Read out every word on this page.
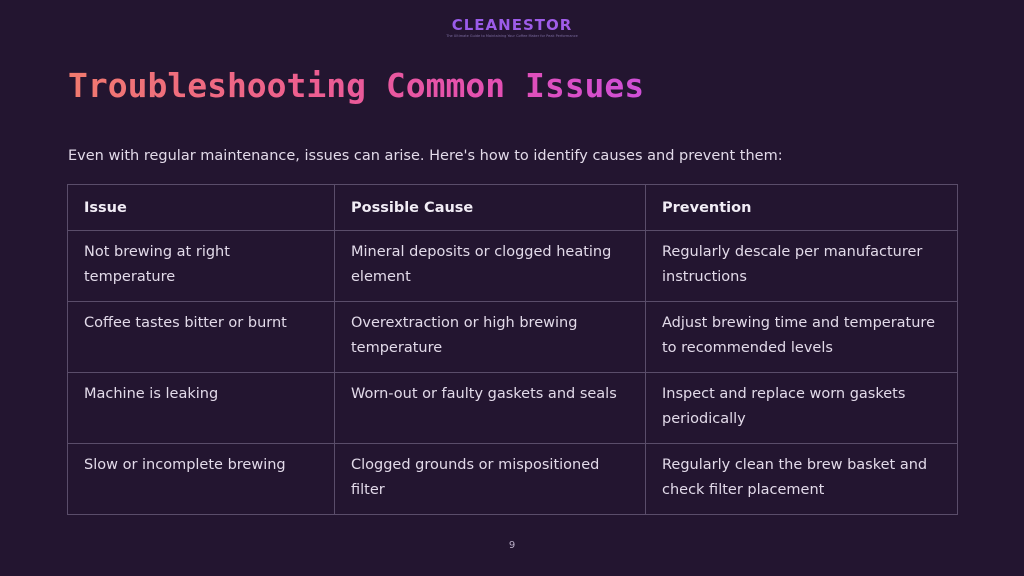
CLEANESTOR
The Ultimate Guide to Maintaining Your Coffee Maker for Peak Performance
Troubleshooting Common Issues
Even with regular maintenance, issues can arise. Here's how to identify causes and prevent them:
Issue	Possible Cause	Prevention
Not brewing at right temperature	Mineral deposits or clogged heating element	Regularly descale per manufacturer instructions
Coffee tastes bitter or burnt	Overextraction or high brewing temperature	Adjust brewing time and temperature to recommended levels
Machine is leaking	Worn-out or faulty gaskets and seals	Inspect and replace worn gaskets periodically
Slow or incomplete brewing	Clogged grounds or mispositioned filter	Regularly clean the brew basket and check filter placement
9
